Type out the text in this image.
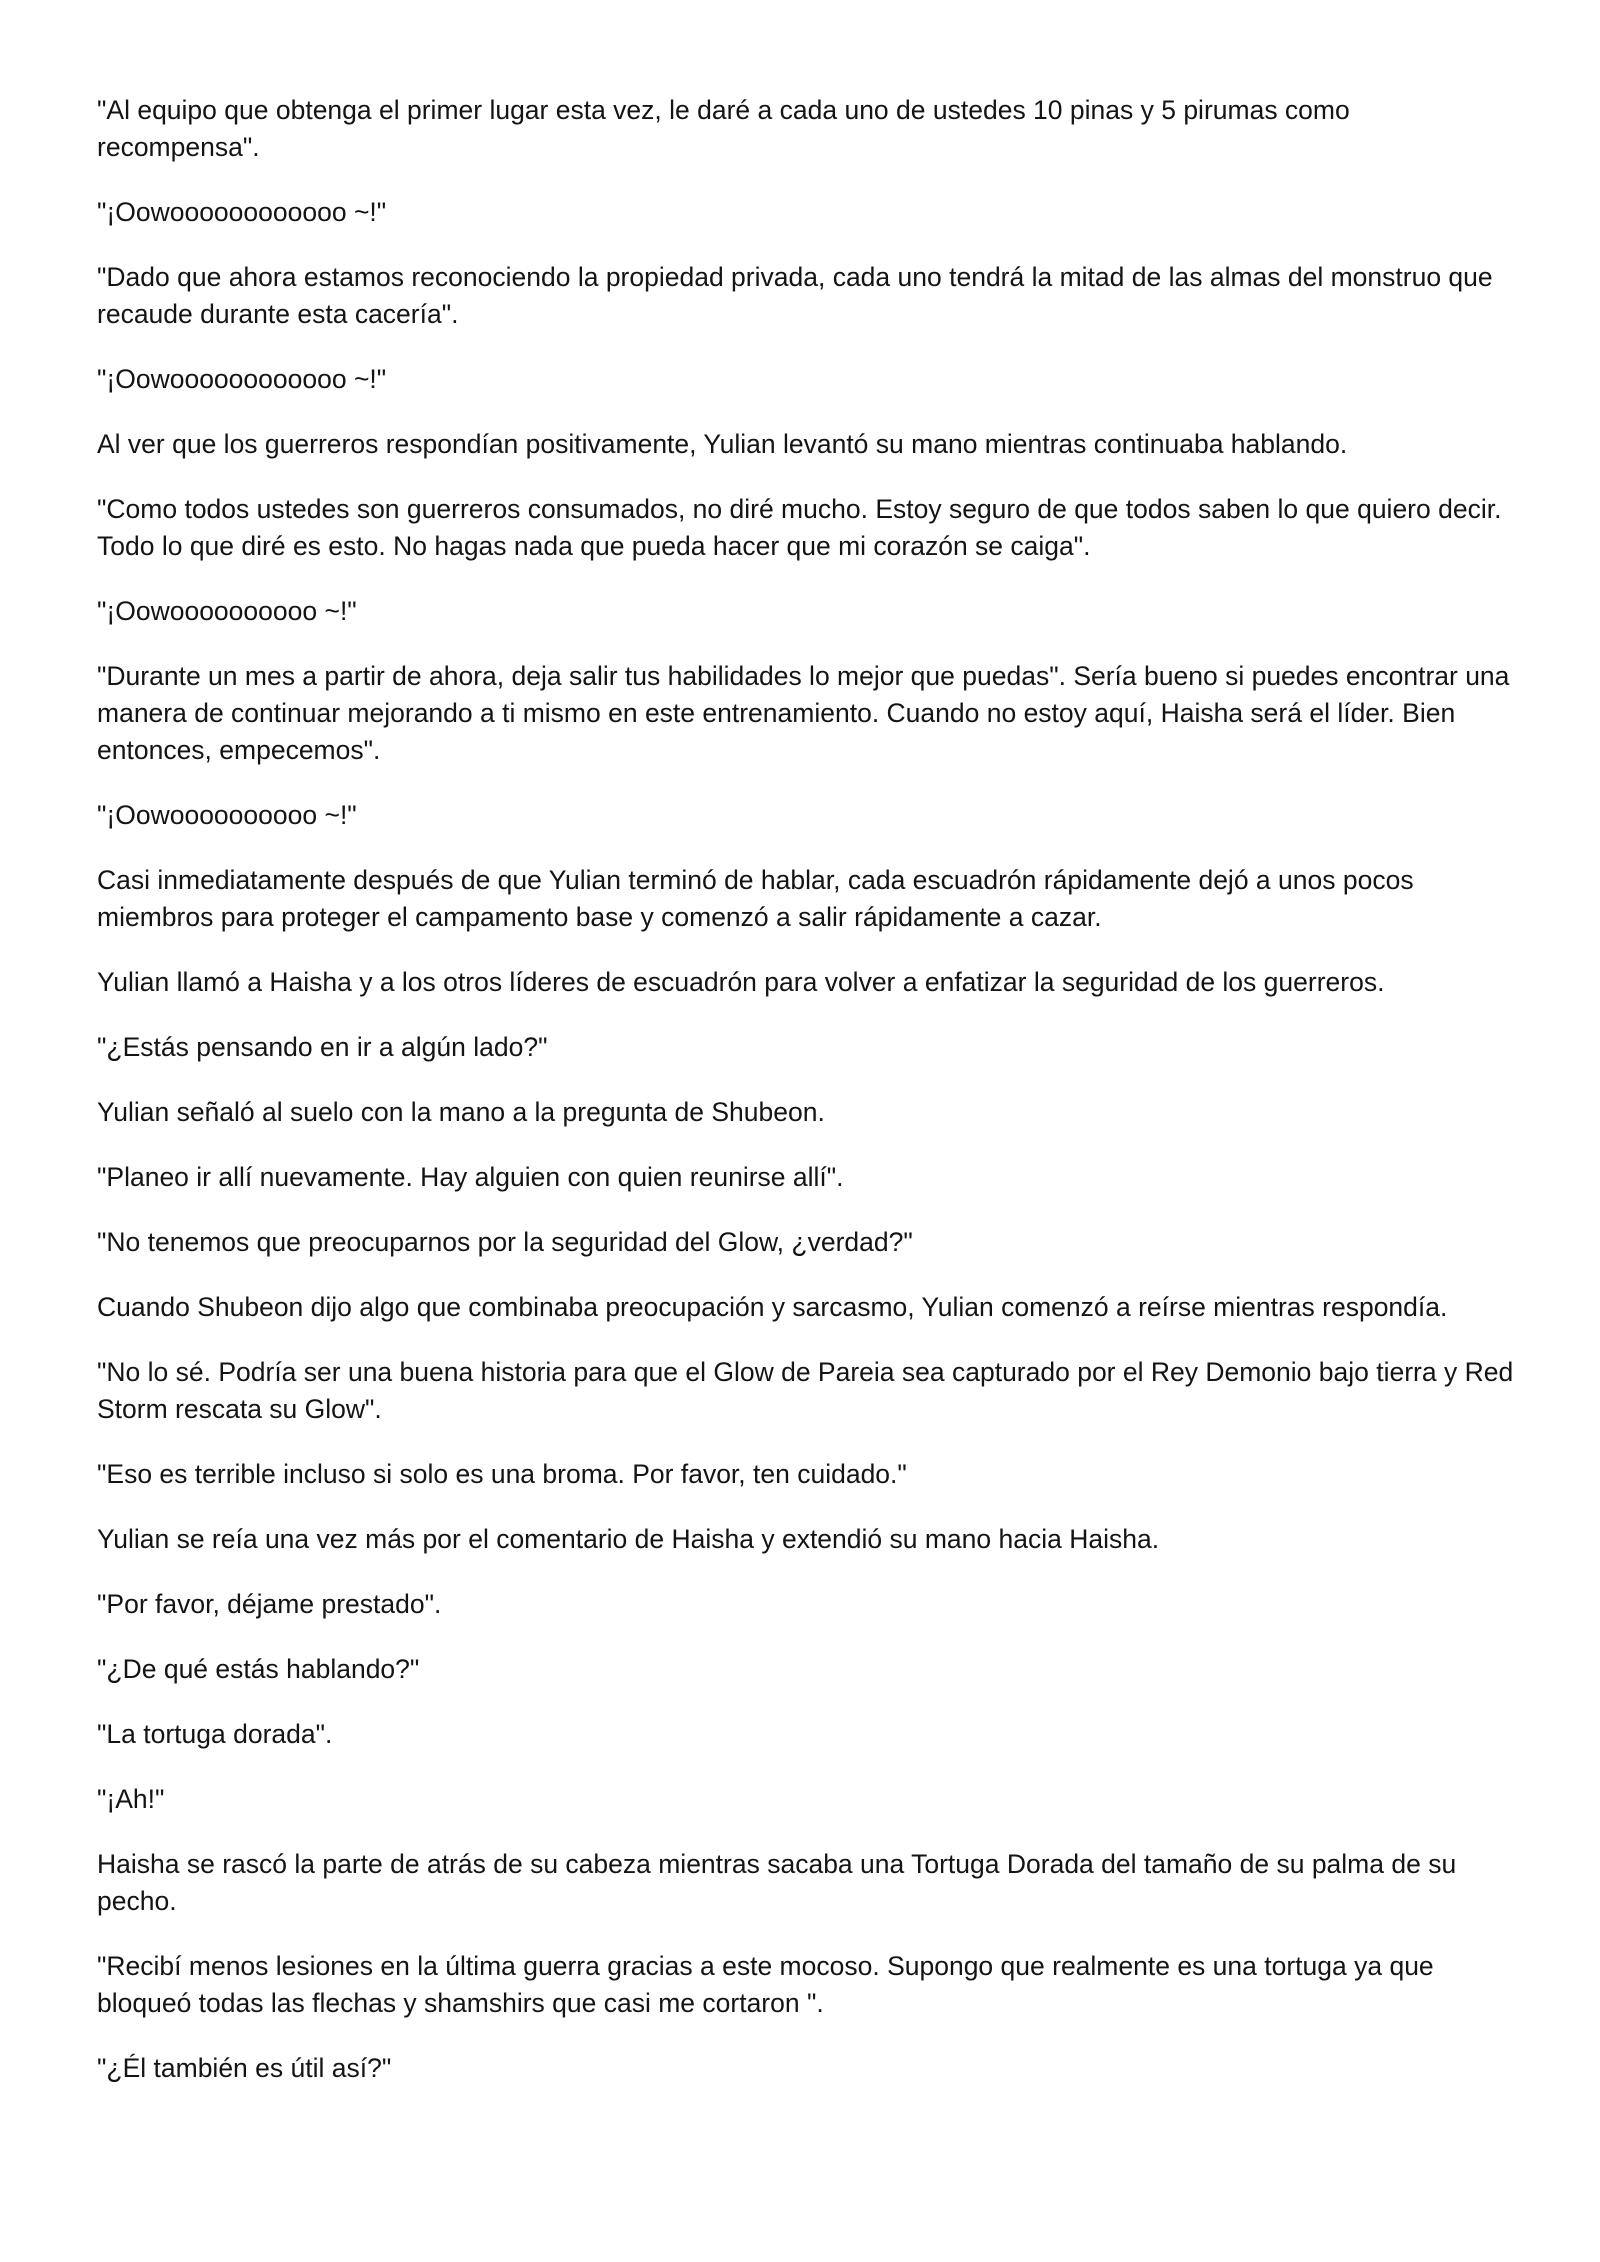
"Al equipo que obtenga el primer lugar esta vez, le daré a cada uno de ustedes 10 pinas y 5 pirumas como recompensa".

"¡Oowoooooooooooo ~!"

"Dado que ahora estamos reconociendo la propiedad privada, cada uno tendrá la mitad de las almas del monstruo que recaude durante esta cacería".

"¡Oowoooooooooooo ~!"

Al ver que los guerreros respondían positivamente, Yulian levantó su mano mientras continuaba hablando.

"Como todos ustedes son guerreros consumados, no diré mucho. Estoy seguro de que todos saben lo que quiero decir. Todo lo que diré es esto. No hagas nada que pueda hacer que mi corazón se caiga".

"¡Oowoooooooooo ~!"

"Durante un mes a partir de ahora, deja salir tus habilidades lo mejor que puedas". Sería bueno si puedes encontrar una manera de continuar mejorando a ti mismo en este entrenamiento. Cuando no estoy aquí, Haisha será el líder. Bien entonces, empecemos".

"¡Oowoooooooooo ~!"

Casi inmediatamente después de que Yulian terminó de hablar, cada escuadrón rápidamente dejó a unos pocos miembros para proteger el campamento base y comenzó a salir rápidamente a cazar.

Yulian llamó a Haisha y a los otros líderes de escuadrón para volver a enfatizar la seguridad de los guerreros.

"¿Estás pensando en ir a algún lado?"

Yulian señaló al suelo con la mano a la pregunta de Shubeon.

"Planeo ir allí nuevamente. Hay alguien con quien reunirse allí".

"No tenemos que preocuparnos por la seguridad del Glow, ¿verdad?"

Cuando Shubeon dijo algo que combinaba preocupación y sarcasmo, Yulian comenzó a reírse mientras respondía.

"No lo sé. Podría ser una buena historia para que el Glow de Pareia sea capturado por el Rey Demonio bajo tierra y Red Storm rescata su Glow".

"Eso es terrible incluso si solo es una broma. Por favor, ten cuidado."

Yulian se reía una vez más por el comentario de Haisha y extendió su mano hacia Haisha.

"Por favor, déjame prestado".

"¿De qué estás hablando?"

"La tortuga dorada".

"¡Ah!"

Haisha se rascó la parte de atrás de su cabeza mientras sacaba una Tortuga Dorada del tamaño de su palma de su pecho.

"Recibí menos lesiones en la última guerra gracias a este mocoso. Supongo que realmente es una tortuga ya que bloqueó todas las flechas y shamshirs que casi me cortaron ".

"¿Él también es útil así?"
